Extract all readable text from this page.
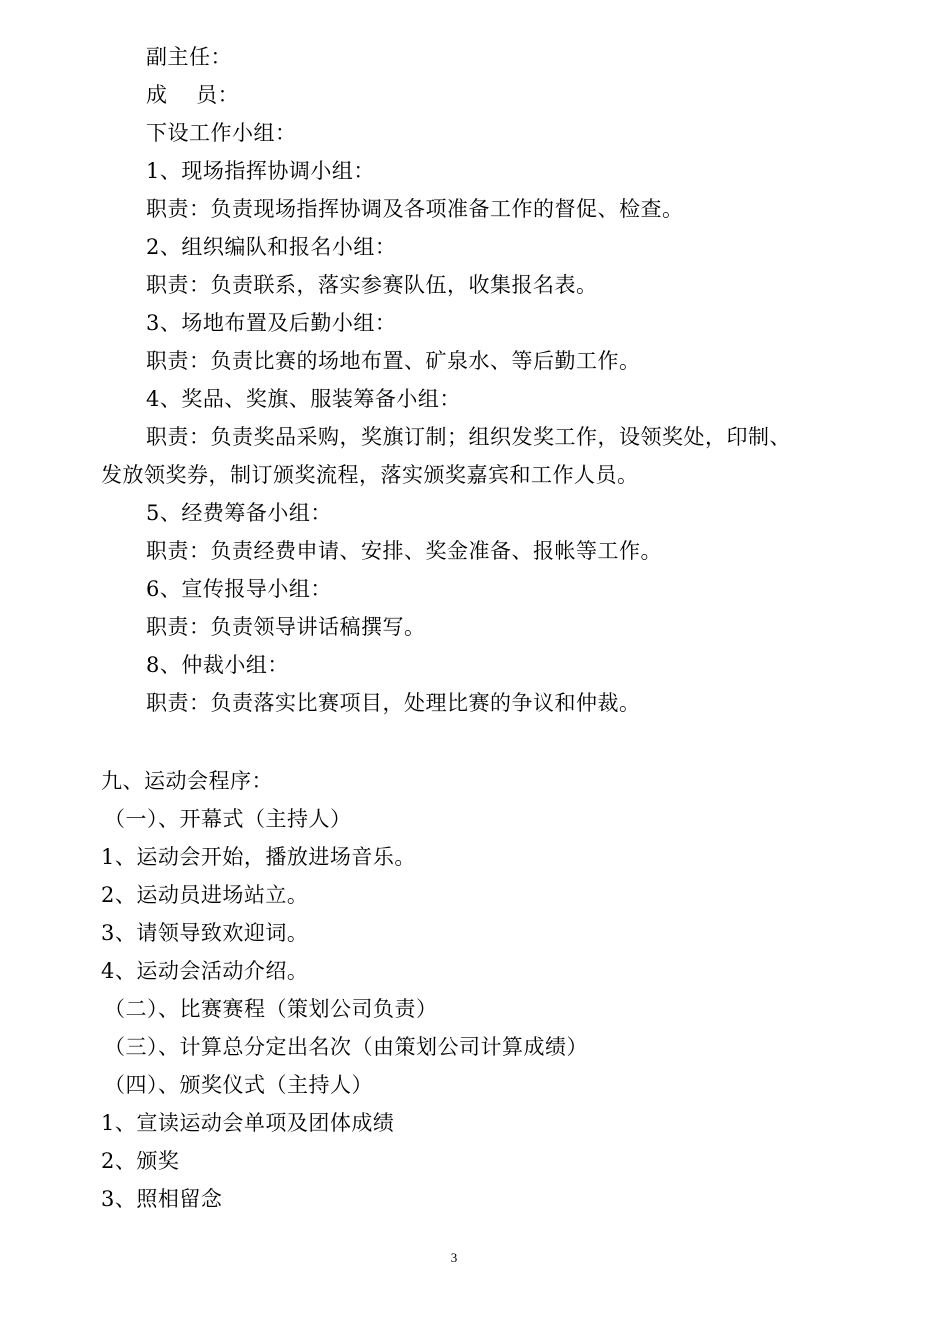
副主任：
成　 员：
下设工作小组：
1、现场指挥协调小组：
职责：负责现场指挥协调及各项准备工作的督促、检查。
2、组织编队和报名小组：
职责：负责联系，落实参赛队伍，收集报名表。
3、场地布置及后勤小组：
职责：负责比赛的场地布置、矿泉水、等后勤工作。
4、奖品、奖旗、服装筹备小组：
职责：负责奖品采购，奖旗订制；组织发奖工作，设领奖处，印制、
发放领奖券，制订颁奖流程，落实颁奖嘉宾和工作人员。
5、经费筹备小组：
职责：负责经费申请、安排、奖金准备、报帐等工作。
6、宣传报导小组：
职责：负责领导讲话稿撰写。
8、仲裁小组：
职责：负责落实比赛项目，处理比赛的争议和仲裁。
九、运动会程序：
（一）、开幕式（主持人）
1、运动会开始，播放进场音乐。
2、运动员进场站立。
3、请领导致欢迎词。
4、运动会活动介绍。
（二）、比赛赛程（策划公司负责）
（三）、计算总分定出名次（由策划公司计算成绩）
（四）、颁奖仪式（主持人）
1、宣读运动会单项及团体成绩
2、颁奖
3、照相留念
3
